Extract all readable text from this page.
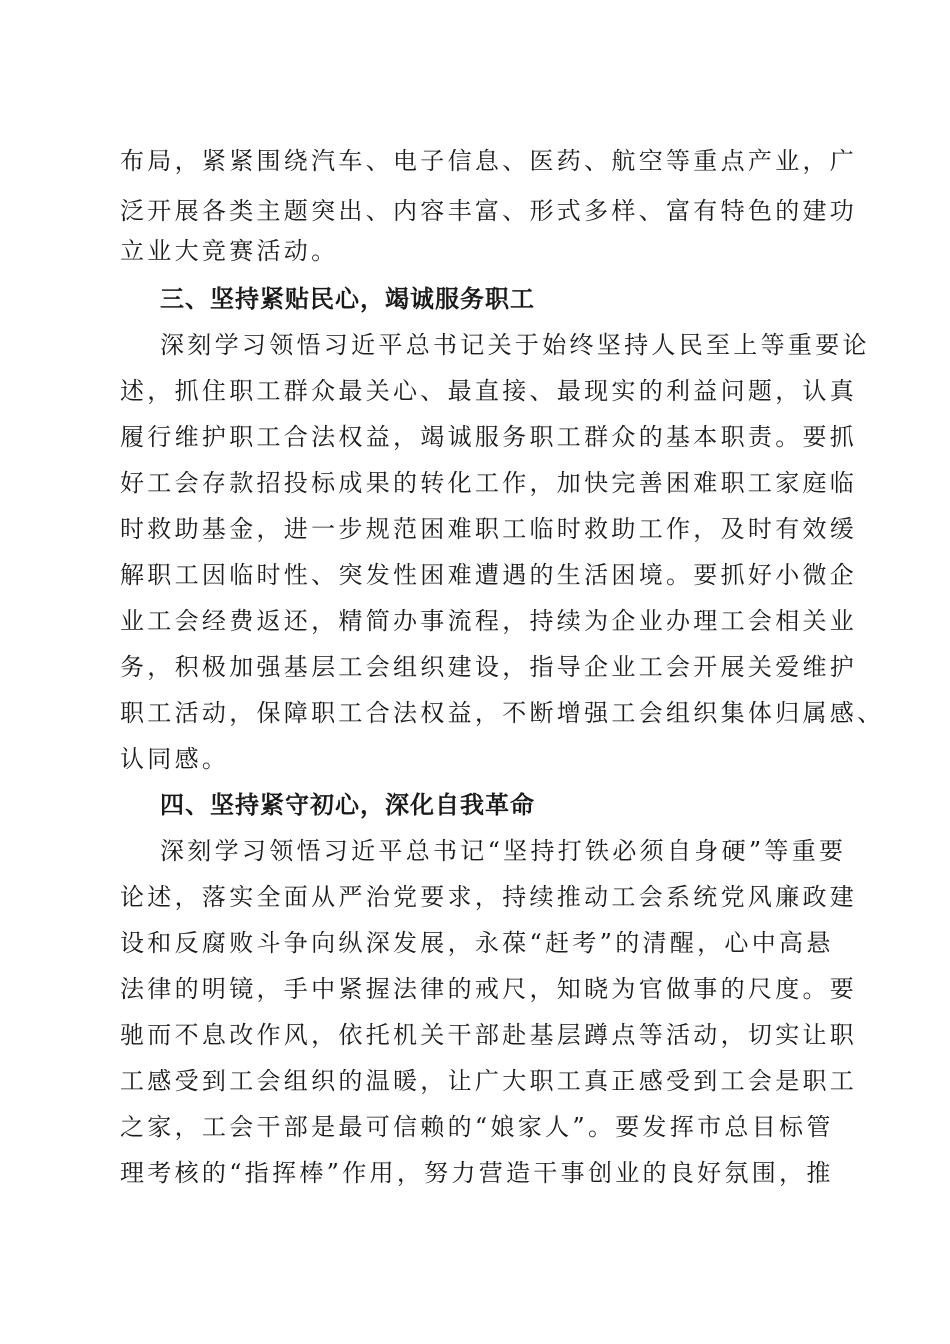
布局，紧紧围绕汽车、电子信息、医药、航空等重点产业，广
泛开展各类主题突出、内容丰富、形式多样、富有特色的建功
立业大竞赛活动。
三、坚持紧贴民心，竭诚服务职工
深刻学习领悟习近平总书记关于始终坚持人民至上等重要论
述，抓住职工群众最关心、最直接、最现实的利益问题，认真
履行维护职工合法权益，竭诚服务职工群众的基本职责。要抓
好工会存款招投标成果的转化工作，加快完善困难职工家庭临
时救助基金，进一步规范困难职工临时救助工作，及时有效缓
解职工因临时性、突发性困难遭遇的生活困境。要抓好小微企
业工会经费返还，精简办事流程，持续为企业办理工会相关业
务，积极加强基层工会组织建设，指导企业工会开展关爱维护
职工活动，保障职工合法权益，不断增强工会组织集体归属感、
认同感。
四、坚持紧守初心，深化自我革命
深刻学习领悟习近平总书记“坚持打铁必须自身硬”等重要
论述，落实全面从严治党要求，持续推动工会系统党风廉政建
设和反腐败斗争向纵深发展，永葆“赶考”的清醒，心中高悬
法律的明镜，手中紧握法律的戒尺，知晓为官做事的尺度。要
驰而不息改作风，依托机关干部赴基层蹲点等活动，切实让职
工感受到工会组织的温暖，让广大职工真正感受到工会是职工
之家，工会干部是最可信赖的“娘家人”。要发挥市总目标管
理考核的“指挥棒”作用，努力营造干事创业的良好氛围，推
